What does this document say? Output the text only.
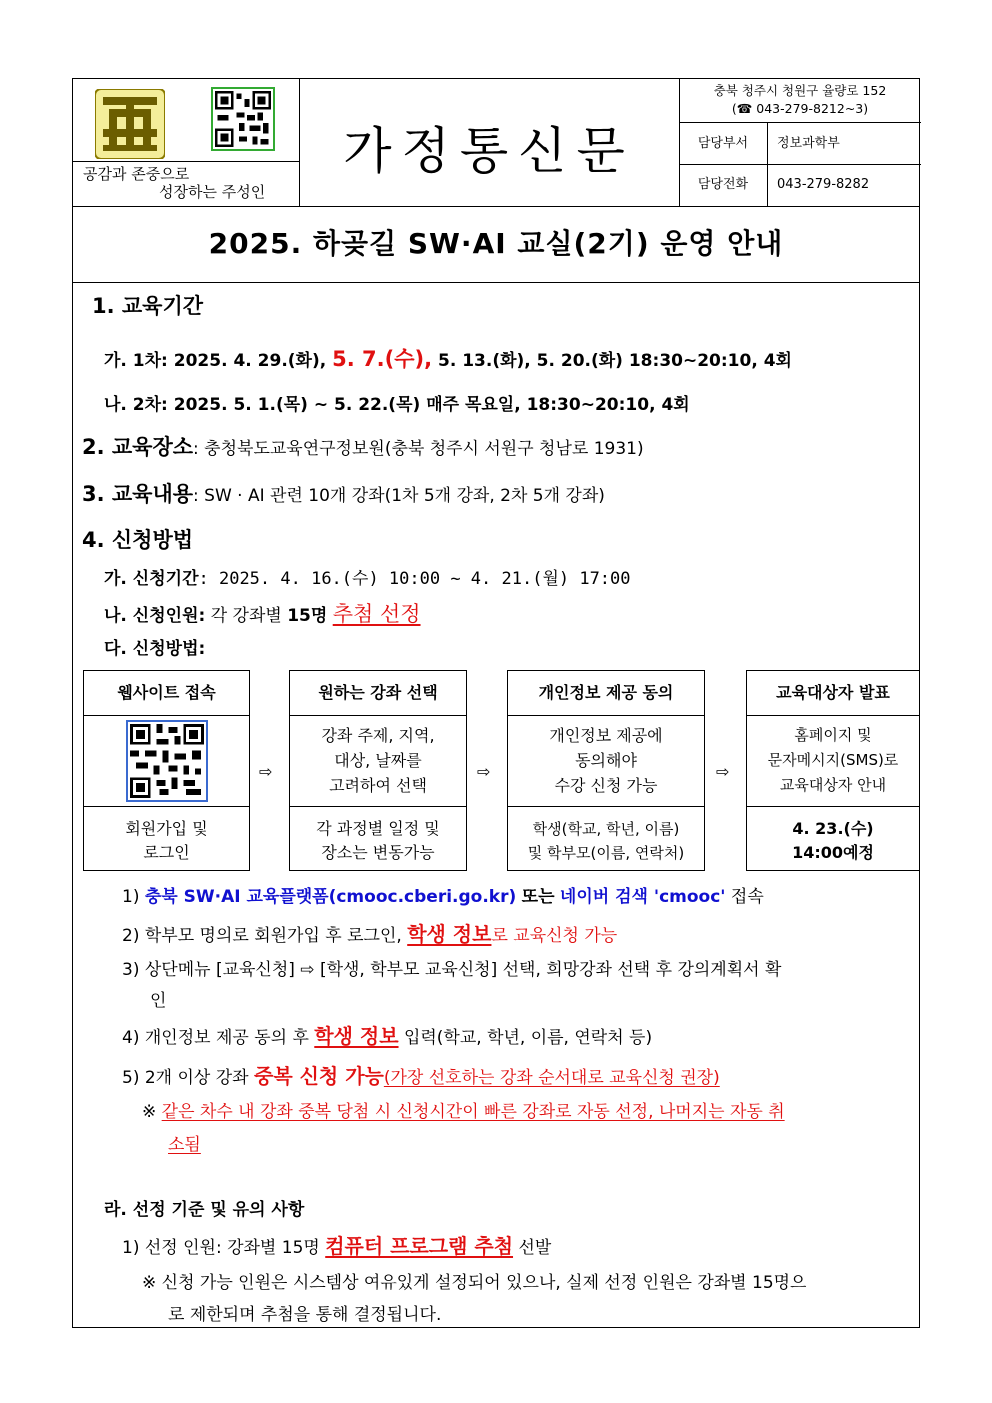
공감과 존중으로
성장하는 주성인
가정통신문
충북 청주시 청원구 율량로 152
(☎ 043-279-8212~3)
담당부서	정보과학부
담당전화	043-279-8282
2025. 하곶길 SW·AI 교실(2기) 운영 안내
1. 교육기간
가. 1차: 2025. 4. 29.(화), 5. 7.(수), 5. 13.(화), 5. 20.(화) 18:30~20:10, 4회
나. 2차: 2025. 5. 1.(목) ~ 5. 22.(목) 매주 목요일, 18:30~20:10, 4회
2. 교육장소: 충청북도교육연구정보원(충북 청주시 서원구 청남로 1931)
3. 교육내용: SW · AI 관련 10개 강좌(1차 5개 강좌, 2차 5개 강좌)
4. 신청방법
가. 신청기간: 2025. 4. 16.(수) 10:00 ~ 4. 21.(월) 17:00
나. 신청인원: 각 강좌별 15명 추첨 선정
다. 신청방법:
웹사이트 접속
회원가입 및
로그인
⇨
원하는 강좌 선택
강좌 주제, 지역,
대상, 날짜를
고려하여 선택
각 과정별 일정 및
장소는 변동가능
⇨
개인정보 제공 동의
개인정보 제공에
동의해야
수강 신청 가능
학생(학교, 학년, 이름)
및 학부모(이름, 연락처)
⇨
교육대상자 발표
홈페이지 및
문자메시지(SMS)로
교육대상자 안내
4. 23.(수)
14:00예정
1) 충북 SW·AI 교육플랫폼(cmooc.cberi.go.kr) 또는 네이버 검색 'cmooc' 접속
2) 학부모 명의로 회원가입 후 로그인, 학생 정보로 교육신청 가능
3) 상단메뉴 [교육신청] ⇨ [학생, 학부모 교육신청] 선택, 희망강좌 선택 후 강의계획서 확
인
4) 개인정보 제공 동의 후 학생 정보 입력(학교, 학년, 이름, 연락처 등)
5) 2개 이상 강좌 중복 신청 가능(가장 선호하는 강좌 순서대로 교육신청 권장)
※ 같은 차수 내 강좌 중복 당첨 시 신청시간이 빠른 강좌로 자동 선정, 나머지는 자동 취
소됨
라. 선정 기준 및 유의 사항
1) 선정 인원: 강좌별 15명 컴퓨터 프로그램 추첨 선발
※ 신청 가능 인원은 시스템상 여유있게 설정되어 있으나, 실제 선정 인원은 강좌별 15명으
로 제한되며 추첨을 통해 결정됩니다.
